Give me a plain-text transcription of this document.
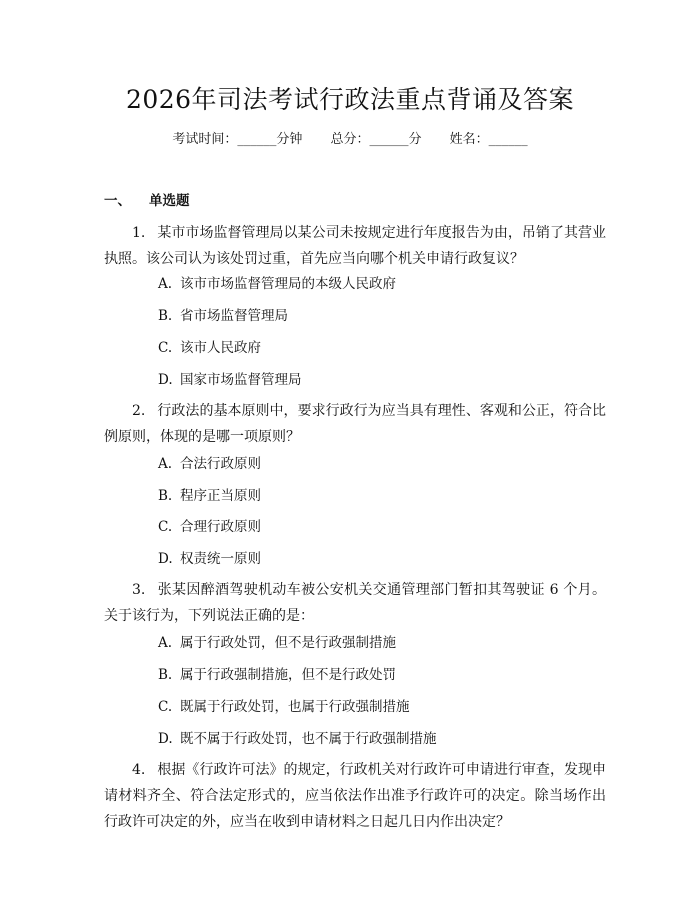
2026年司法考试行政法重点背诵及答案
考试时间：______分钟 总分：______分 姓名：______
一、 单选题
1. 某市市场监督管理局以某公司未按规定进行年度报告为由，吊销了其营业执照。该公司认为该处罚过重，首先应当向哪个机关申请行政复议？
A. 该市市场监督管理局的本级人民政府
B. 省市场监督管理局
C. 该市人民政府
D. 国家市场监督管理局
2. 行政法的基本原则中，要求行政行为应当具有理性、客观和公正，符合比例原则，体现的是哪一项原则？
A. 合法行政原则
B. 程序正当原则
C. 合理行政原则
D. 权责统一原则
3. 张某因醉酒驾驶机动车被公安机关交通管理部门暂扣其驾驶证 6 个月。关于该行为，下列说法正确的是：
A. 属于行政处罚，但不是行政强制措施
B. 属于行政强制措施，但不是行政处罚
C. 既属于行政处罚，也属于行政强制措施
D. 既不属于行政处罚，也不属于行政强制措施
4. 根据《行政许可法》的规定，行政机关对行政许可申请进行审查，发现申请材料齐全、符合法定形式的，应当依法作出准予行政许可的决定。除当场作出行政许可决定的外，应当在收到申请材料之日起几日内作出决定？
